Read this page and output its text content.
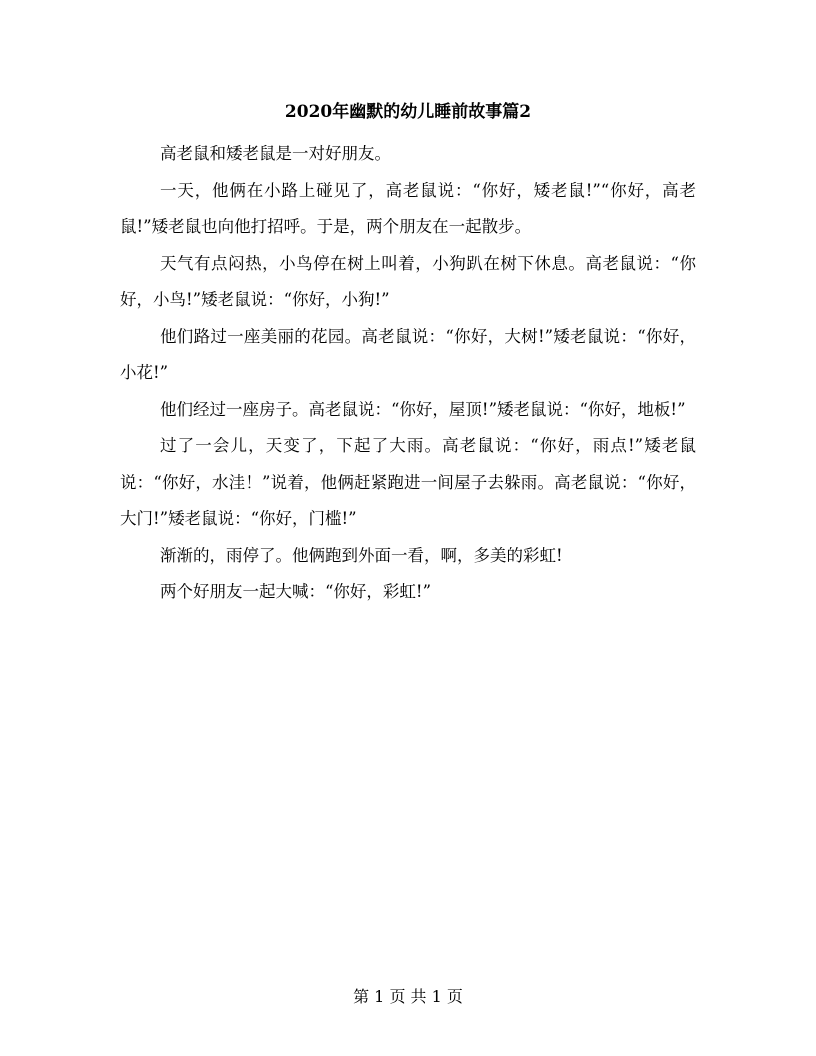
2020年幽默的幼儿睡前故事篇2

高老鼠和矮老鼠是一对好朋友。

一天，他俩在小路上碰见了，高老鼠说：“你好，矮老鼠!”“你好，高老鼠!”矮老鼠也向他打招呼。于是，两个朋友在一起散步。

天气有点闷热，小鸟停在树上叫着，小狗趴在树下休息。高老鼠说：“你好，小鸟!”矮老鼠说：“你好，小狗!”

他们路过一座美丽的花园。高老鼠说：“你好，大树!”矮老鼠说：“你好，小花!”

他们经过一座房子。高老鼠说：“你好，屋顶!”矮老鼠说：“你好，地板!”

过了一会儿，天变了，下起了大雨。高老鼠说：“你好，雨点!”矮老鼠说：“你好，水洼！”说着，他俩赶紧跑进一间屋子去躲雨。高老鼠说：“你好，大门!”矮老鼠说：“你好，门槛!”

渐渐的，雨停了。他俩跑到外面一看，啊，多美的彩虹!

两个好朋友一起大喊：“你好，彩虹!”

第 1 页 共 1 页
